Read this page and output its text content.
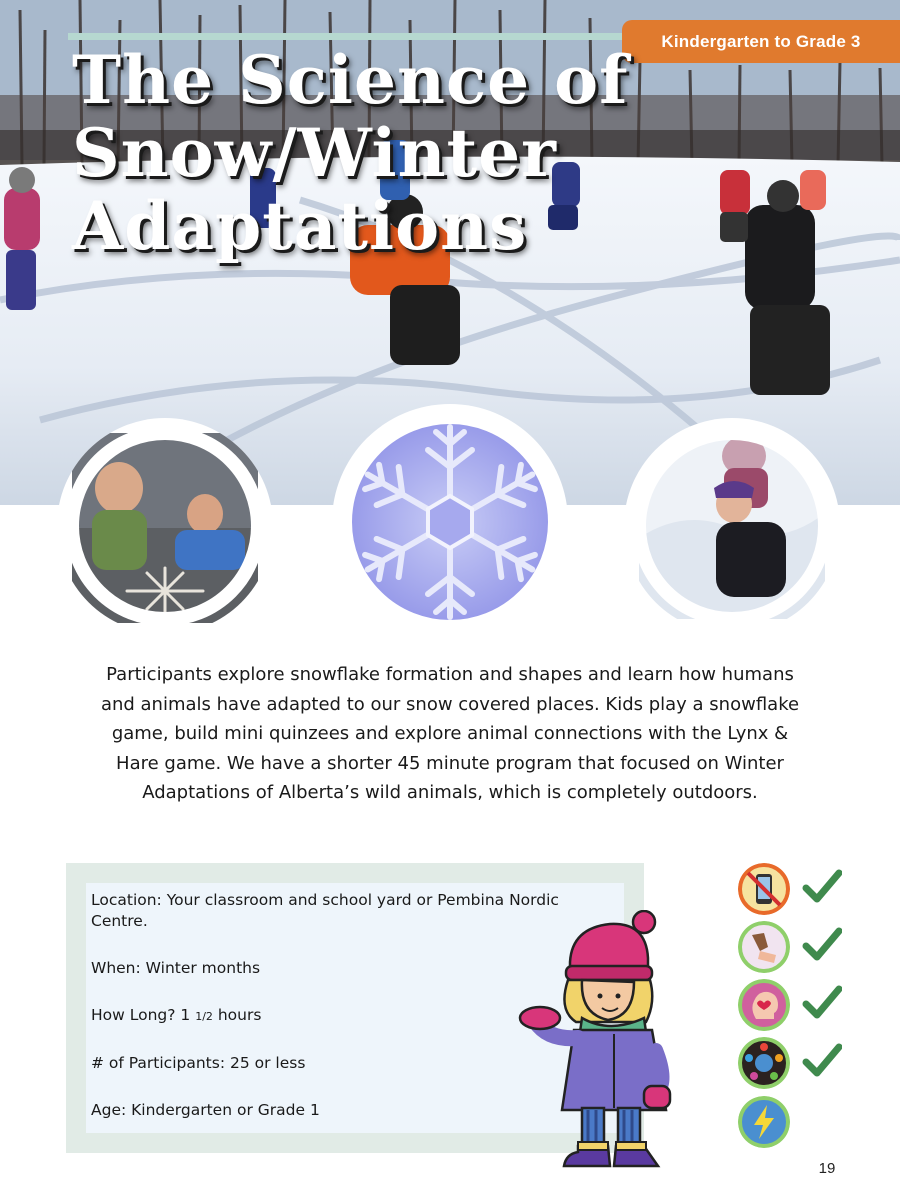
Kindergarten to Grade 3
The Science of
Snow/Winter
Adaptations

Participants explore snowflake formation and shapes and learn how humans and animals have adapted to our snow covered places. Kids play a snowflake game, build mini quinzees and explore animal connections with the Lynx & Hare game. We have a shorter 45 minute program that focused on Winter Adaptations of Alberta’s wild animals, which is completely outdoors.

Location: Your classroom and school yard or Pembina Nordic Centre.
When: Winter months
How Long? 1 1/2 hours
# of Participants: 25 or less
Age: Kindergarten or Grade 1
19
